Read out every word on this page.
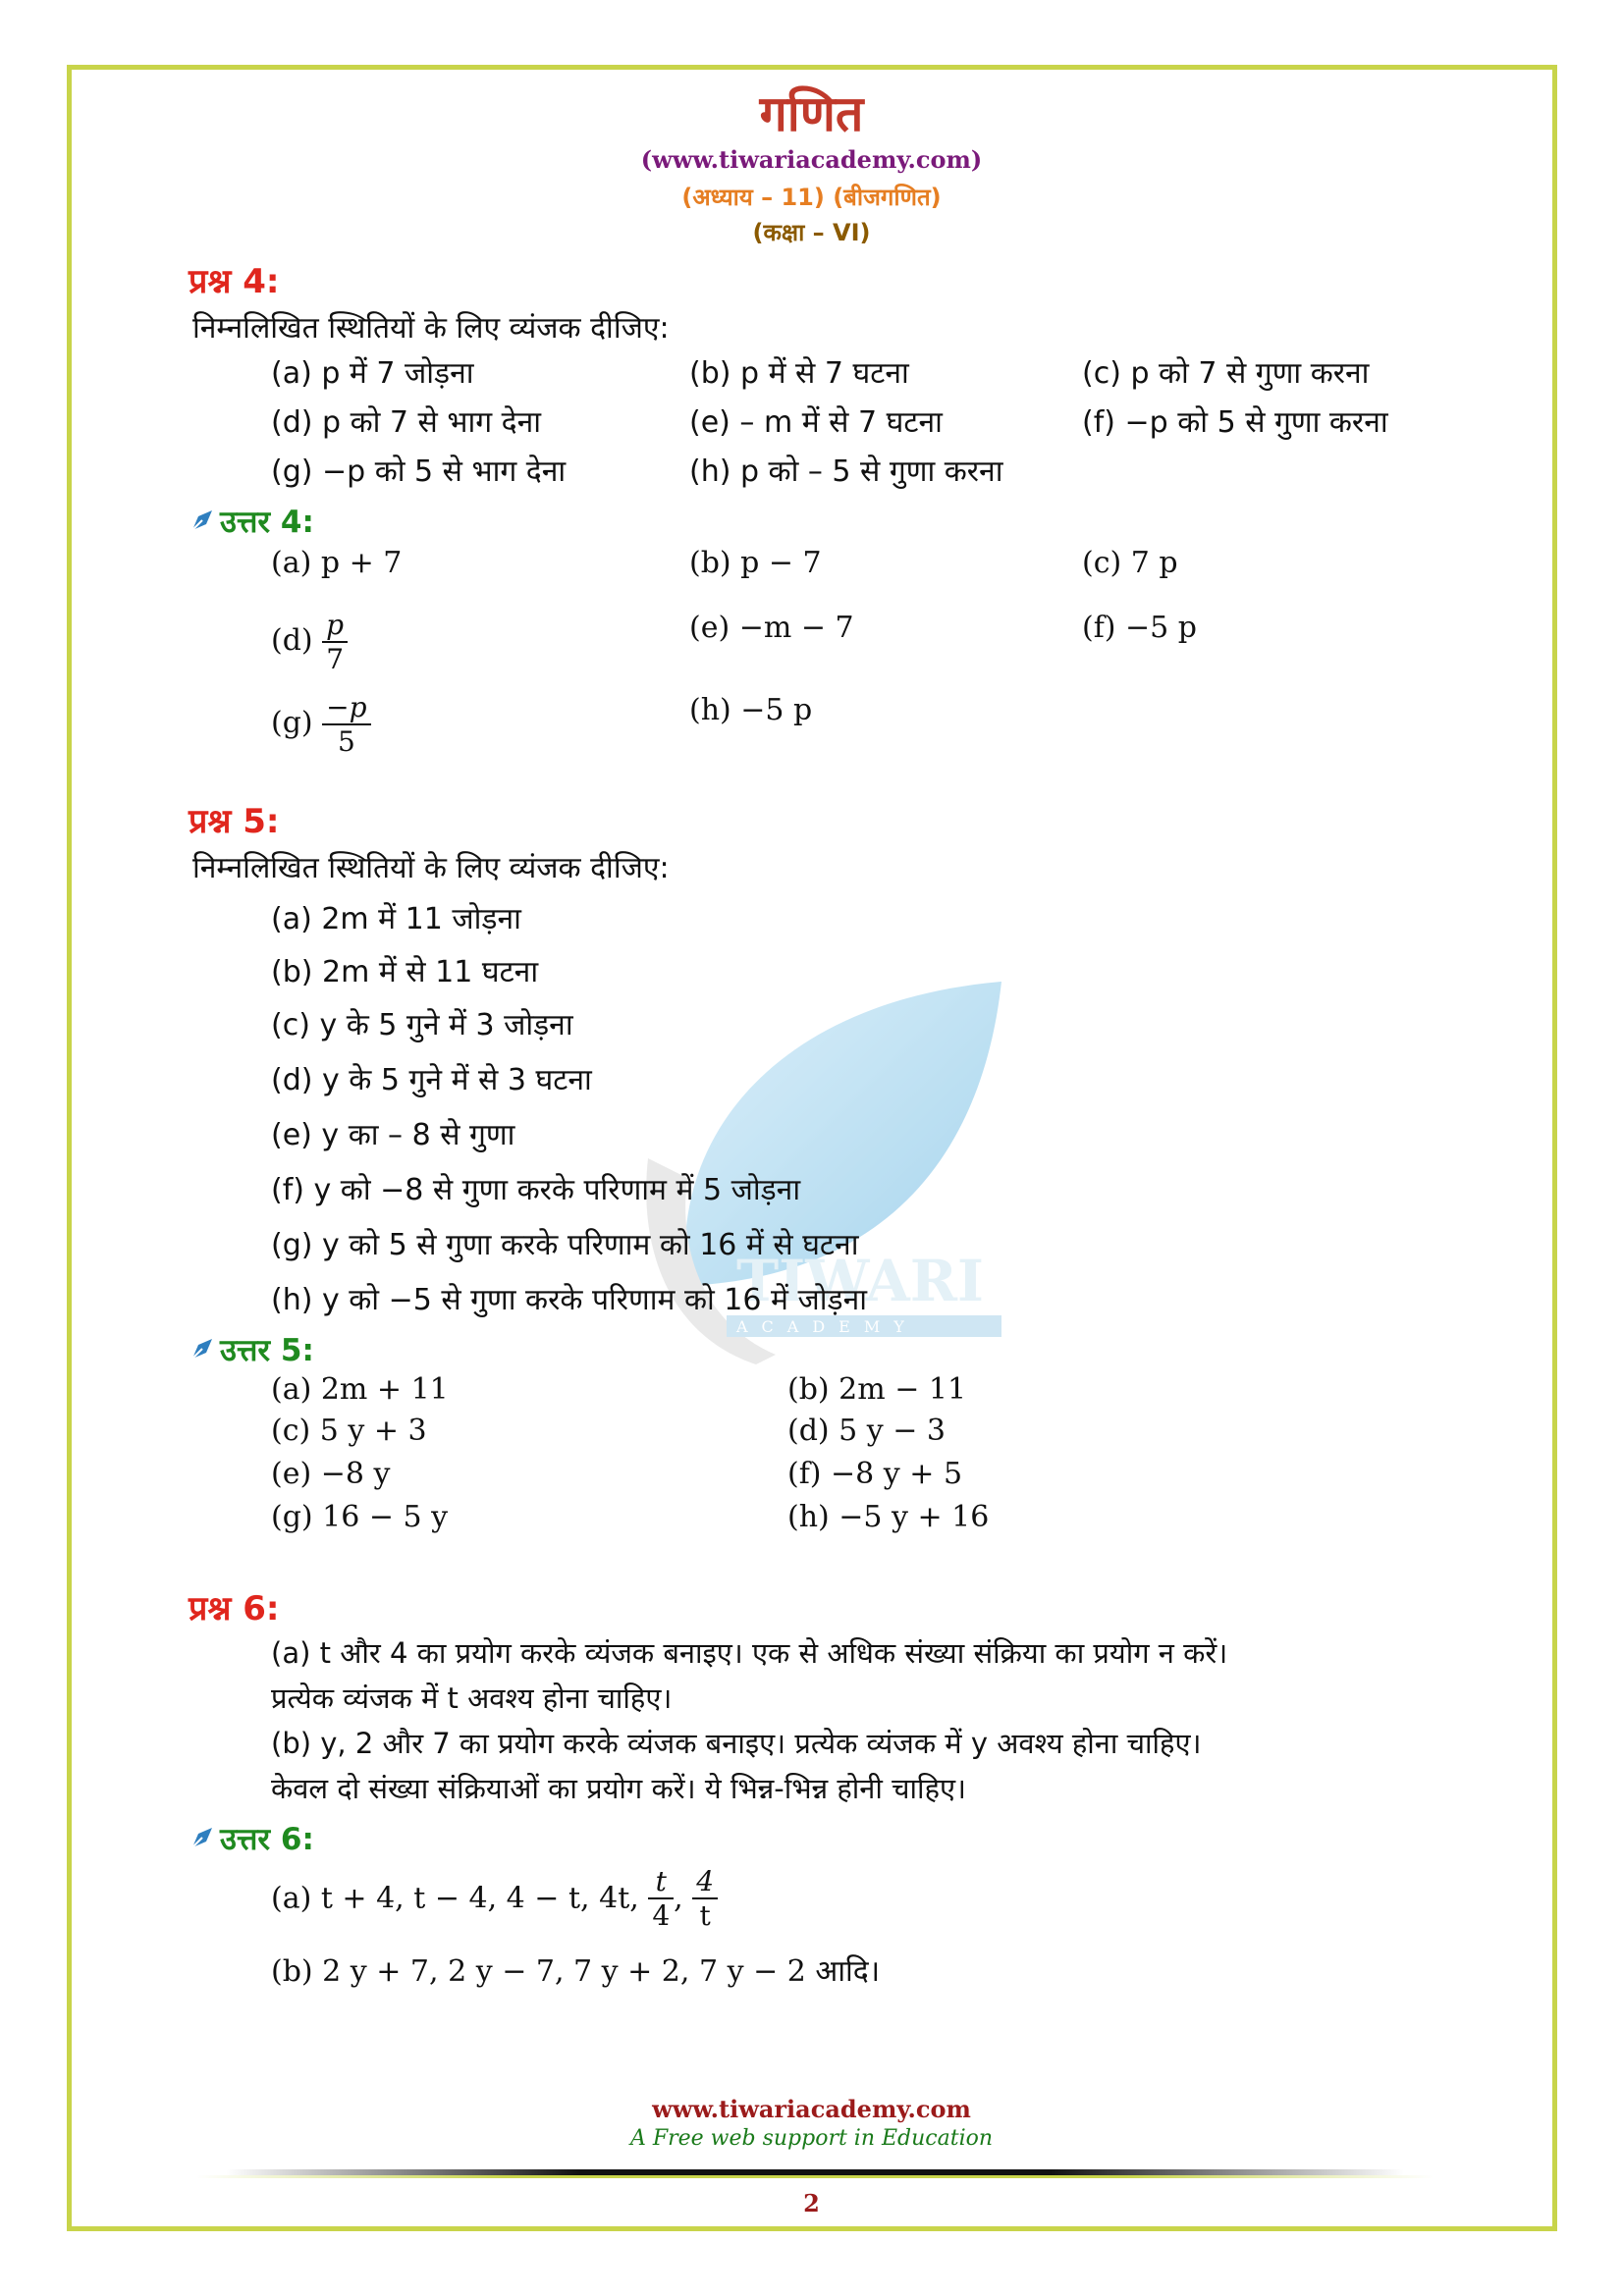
TIWARI
ACADEMY
गणित
(www.tiwariacademy.com)
(अध्याय – 11) (बीजगणित)
(कक्षा – VI)
प्रश्न 4:
निम्नलिखित स्थितियों के लिए व्यंजक दीजिए:
(a) p में 7 जोड़ना	(b) p में से 7 घटना	(c) p को 7 से गुणा करना
(d) p को 7 से भाग देना	(e) – m में से 7 घटना	(f) −p को 5 से गुणा करना
(g) −p को 5 से भाग देना	(h) p को – 5 से गुणा करना
उत्तर 4:
(a) p + 7	(b) p − 7	(c) 7 p
$(d) \frac{p}{7}$	(e) −m − 7	(f) −5 p
$(g) \frac{-p}{5}$	(h) −5 p
प्रश्न 5:
निम्नलिखित स्थितियों के लिए व्यंजक दीजिए:
(a) 2m में 11 जोड़ना
(b) 2m में से 11 घटना
(c) y के 5 गुने में 3 जोड़ना
(d) y के 5 गुने में से 3 घटना
(e) y का – 8 से गुणा
(f) y को −8 से गुणा करके परिणाम में 5 जोड़ना
(g) y को 5 से गुणा करके परिणाम को 16 में से घटना
(h) y को −5 से गुणा करके परिणाम को 16 में जोड़ना
उत्तर 5:
(a) 2m + 11	(b) 2m − 11
(c) 5 y + 3	(d) 5 y − 3
(e) −8 y	(f) −8 y + 5
(g) 16 − 5 y	(h) −5 y + 16
प्रश्न 6:
(a) t और 4 का प्रयोग करके व्यंजक बनाइए। एक से अधिक संख्या संक्रिया का प्रयोग न करें।
प्रत्येक व्यंजक में t अवश्य होना चाहिए।
(b) y, 2 और 7 का प्रयोग करके व्यंजक बनाइए। प्रत्येक व्यंजक में y अवश्य होना चाहिए।
केवल दो संख्या संक्रियाओं का प्रयोग करें। ये भिन्न-भिन्न होनी चाहिए।
उत्तर 6:
(a) t + 4, t − 4, 4 − t, 4t, $\frac{t}{4}$ , $\frac{4}{t}$
(b) 2 y + 7, 2 y − 7, 7 y + 2, 7 y − 2 आदि।
www.tiwariacademy.com
A Free web support in Education
2
